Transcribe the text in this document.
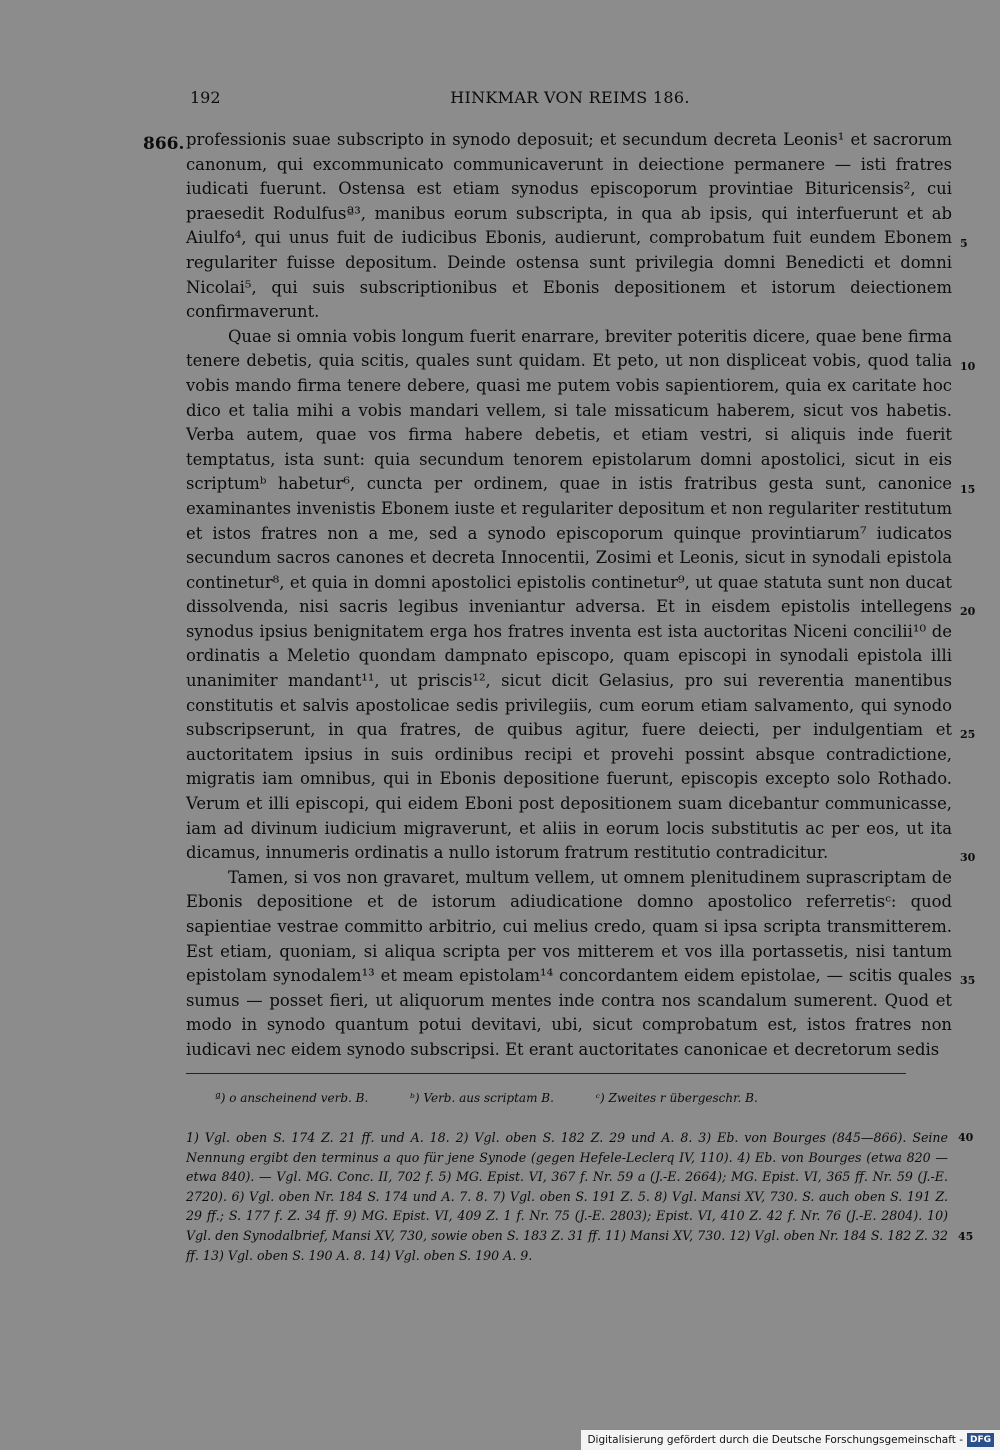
192	HINKMAR VON REIMS 186.
866. professionis suae subscripto in synodo deposuit; et secundum decreta Leonis¹ et sacrorum canonum, qui excommunicato communicaverunt in deiectione permanere — isti fratres iudicati fuerunt. Ostensa est etiam synodus episcoporum provintiae Bituricensis², cui praesedit Rodulfusª³, manibus eorum subscripta, in qua ab ipsis, qui interfuerunt et ab Aiulfo⁴, qui unus fuit de iudicibus Ebonis, audierunt, comprobatum fuit eundem Ebonem regulariter fuisse depositum. Deinde ostensa sunt privilegia domni Benedicti et domni Nicolai⁵, qui suis subscriptionibus et Ebonis depositionem et istorum deiectionem confirmaverunt.

Quae si omnia vobis longum fuerit enarrare, breviter poteritis dicere, quae bene firma tenere debetis, quia scitis, quales sunt quidam. Et peto, ut non displiceat vobis, quod talia vobis mando firma tenere debere, quasi me putem vobis sapientiorem, quia ex caritate hoc dico et talia mihi a vobis mandari vellem, si tale missaticum haberem, sicut vos habetis. Verba autem, quae vos firma habere debetis, et etiam vestri, si aliquis inde fuerit temptatus, ista sunt: quia secundum tenorem epistolarum domni apostolici, sicut in eis scriptumᵇ habetur⁶, cuncta per ordinem, quae in istis fratribus gesta sunt, canonice examinantes invenistis Ebonem iuste et regulariter depositum et non regulariter restitutum et istos fratres non a me, sed a synodo episcoporum quinque provintiarum⁷ iudicatos secundum sacros canones et decreta Innocentii, Zosimi et Leonis, sicut in synodali epistola continetur⁸, et quia in domni apostolici epistolis continetur⁹, ut quae statuta sunt non ducat dissolvenda, nisi sacris legibus inveniantur adversa. Et in eisdem epistolis intellegens synodus ipsius benignitatem erga hos fratres inventa est ista auctoritas Niceni concilii¹⁰ de ordinatis a Meletio quondam dampnato episcopo, quam episcopi in synodali epistola illi unanimiter mandant¹¹, ut priscis¹², sicut dicit Gelasius, pro sui reverentia manentibus constitutis et salvis apostolicae sedis privilegiis, cum eorum etiam salvamento, qui synodo subscripserunt, in qua fratres, de quibus agitur, fuere deiecti, per indulgentiam et auctoritatem ipsius in suis ordinibus recipi et provehi possint absque contradictione, migratis iam omnibus, qui in Ebonis depositione fuerunt, episcopis excepto solo Rothado. Verum et illi episcopi, qui eidem Eboni post depositionem suam dicebantur communicasse, iam ad divinum iudicium migraverunt, et aliis in eorum locis substitutis ac per eos, ut ita dicamus, innumeris ordinatis a nullo istorum fratrum restitutio contradicitur.

Tamen, si vos non gravaret, multum vellem, ut omnem plenitudinem suprascriptam de Ebonis depositione et de istorum adiudicatione domno apostolico referretisᶜ: quod sapientiae vestrae committo arbitrio, cui melius credo, quam si ipsa scripta transmitterem. Est etiam, quoniam, si aliqua scripta per vos mitterem et vos illa portassetis, nisi tantum epistolam synodalem¹³ et meam epistolam¹⁴ concordantem eidem epistolae, — scitis quales sumus — posset fieri, ut aliquorum mentes inde contra nos scandalum sumerent. Quod et modo in synodo quantum potui devitavi, ubi, sicut comprobatum est, istos fratres non iudicavi nec eidem synodo subscripsi. Et erant auctoritates canonicae et decretorum sedis

5
10
15
20
25
30
35
ª) o anscheinend verb. B.	ᵇ) Verb. aus scriptam B.	ᶜ) Zweites r übergeschr. B.
1) Vgl. oben S. 174 Z. 21 ff. und A. 18. 2) Vgl. oben S. 182 Z. 29 und A. 8. 3) Eb. von Bourges (845—866). Seine Nennung ergibt den terminus a quo für jene Synode (gegen Hefele-Leclerq IV, 110). 4) Eb. von Bourges (etwa 820 — etwa 840). — Vgl. MG. Conc. II, 702 f. 5) MG. Epist. VI, 367 f. Nr. 59 a (J.-E. 2664); MG. Epist. VI, 365 ff. Nr. 59 (J.-E. 2720). 6) Vgl. oben Nr. 184 S. 174 und A. 7. 8. 7) Vgl. oben S. 191 Z. 5. 8) Vgl. Mansi XV, 730. S. auch oben S. 191 Z. 29 ff.; S. 177 f. Z. 34 ff. 9) MG. Epist. VI, 409 Z. 1 f. Nr. 75 (J.-E. 2803); Epist. VI, 410 Z. 42 f. Nr. 76 (J.-E. 2804). 10) Vgl. den Synodalbrief, Mansi XV, 730, sowie oben S. 183 Z. 31 ff. 11) Mansi XV, 730. 12) Vgl. oben Nr. 184 S. 182 Z. 32 ff. 13) Vgl. oben S. 190 A. 8. 14) Vgl. oben S. 190 A. 9.
40
45
Digitalisierung gefördert durch die Deutsche Forschungsgemeinschaft - DFG
